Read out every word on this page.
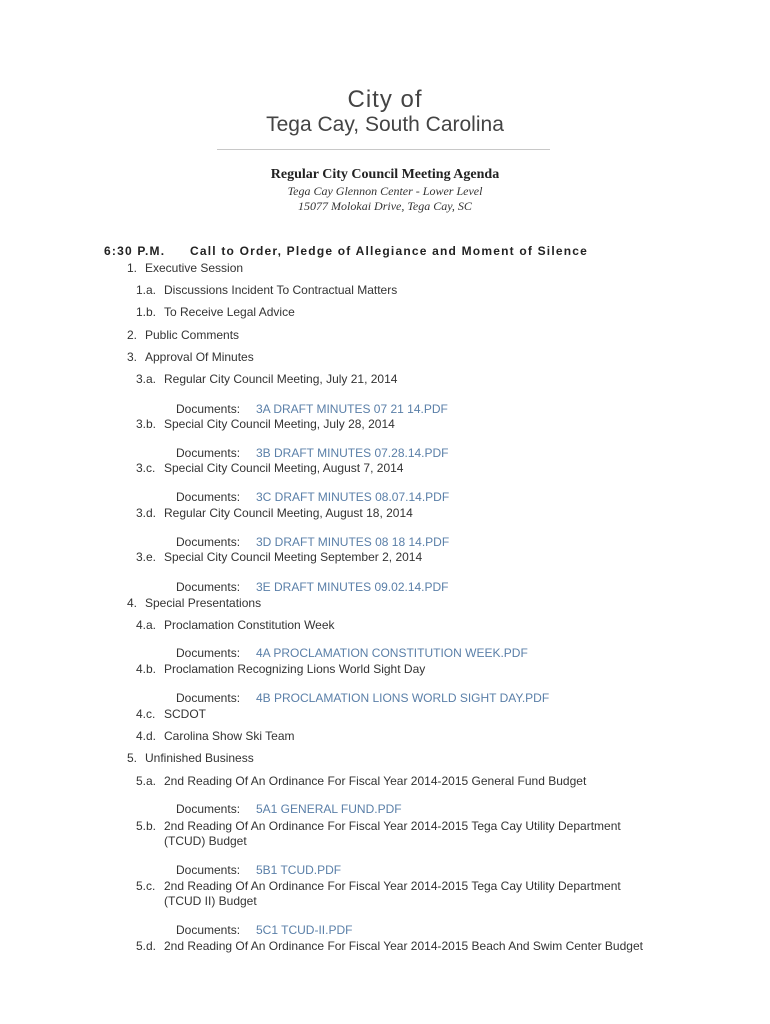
City of
Tega Cay, South Carolina
Regular City Council Meeting Agenda
Tega Cay Glennon Center - Lower Level
15077 Molokai Drive, Tega Cay, SC
6:30 P.M. Call to Order, Pledge of Allegiance and Moment of Silence
1. Executive Session
1.a. Discussions Incident To Contractual Matters
1.b. To Receive Legal Advice
2. Public Comments
3. Approval Of Minutes
3.a. Regular City Council Meeting, July 21, 2014
Documents: 3A DRAFT MINUTES 07 21 14.PDF
3.b. Special City Council Meeting, July 28, 2014
Documents: 3B DRAFT MINUTES 07.28.14.PDF
3.c. Special City Council Meeting, August 7, 2014
Documents: 3C DRAFT MINUTES 08.07.14.PDF
3.d. Regular City Council Meeting, August 18, 2014
Documents: 3D DRAFT MINUTES 08 18 14.PDF
3.e. Special City Council Meeting September 2, 2014
Documents: 3E DRAFT MINUTES 09.02.14.PDF
4. Special Presentations
4.a. Proclamation Constitution Week
Documents: 4A PROCLAMATION CONSTITUTION WEEK.PDF
4.b. Proclamation Recognizing Lions World Sight Day
Documents: 4B PROCLAMATION LIONS WORLD SIGHT DAY.PDF
4.c. SCDOT
4.d. Carolina Show Ski Team
5. Unfinished Business
5.a. 2nd Reading Of An Ordinance For Fiscal Year 2014-2015 General Fund Budget
Documents: 5A1 GENERAL FUND.PDF
5.b. 2nd Reading Of An Ordinance For Fiscal Year 2014-2015 Tega Cay Utility Department
(TCUD) Budget
Documents: 5B1 TCUD.PDF
5.c. 2nd Reading Of An Ordinance For Fiscal Year 2014-2015 Tega Cay Utility Department
(TCUD II) Budget
Documents: 5C1 TCUD-II.PDF
5.d. 2nd Reading Of An Ordinance For Fiscal Year 2014-2015 Beach And Swim Center Budget
